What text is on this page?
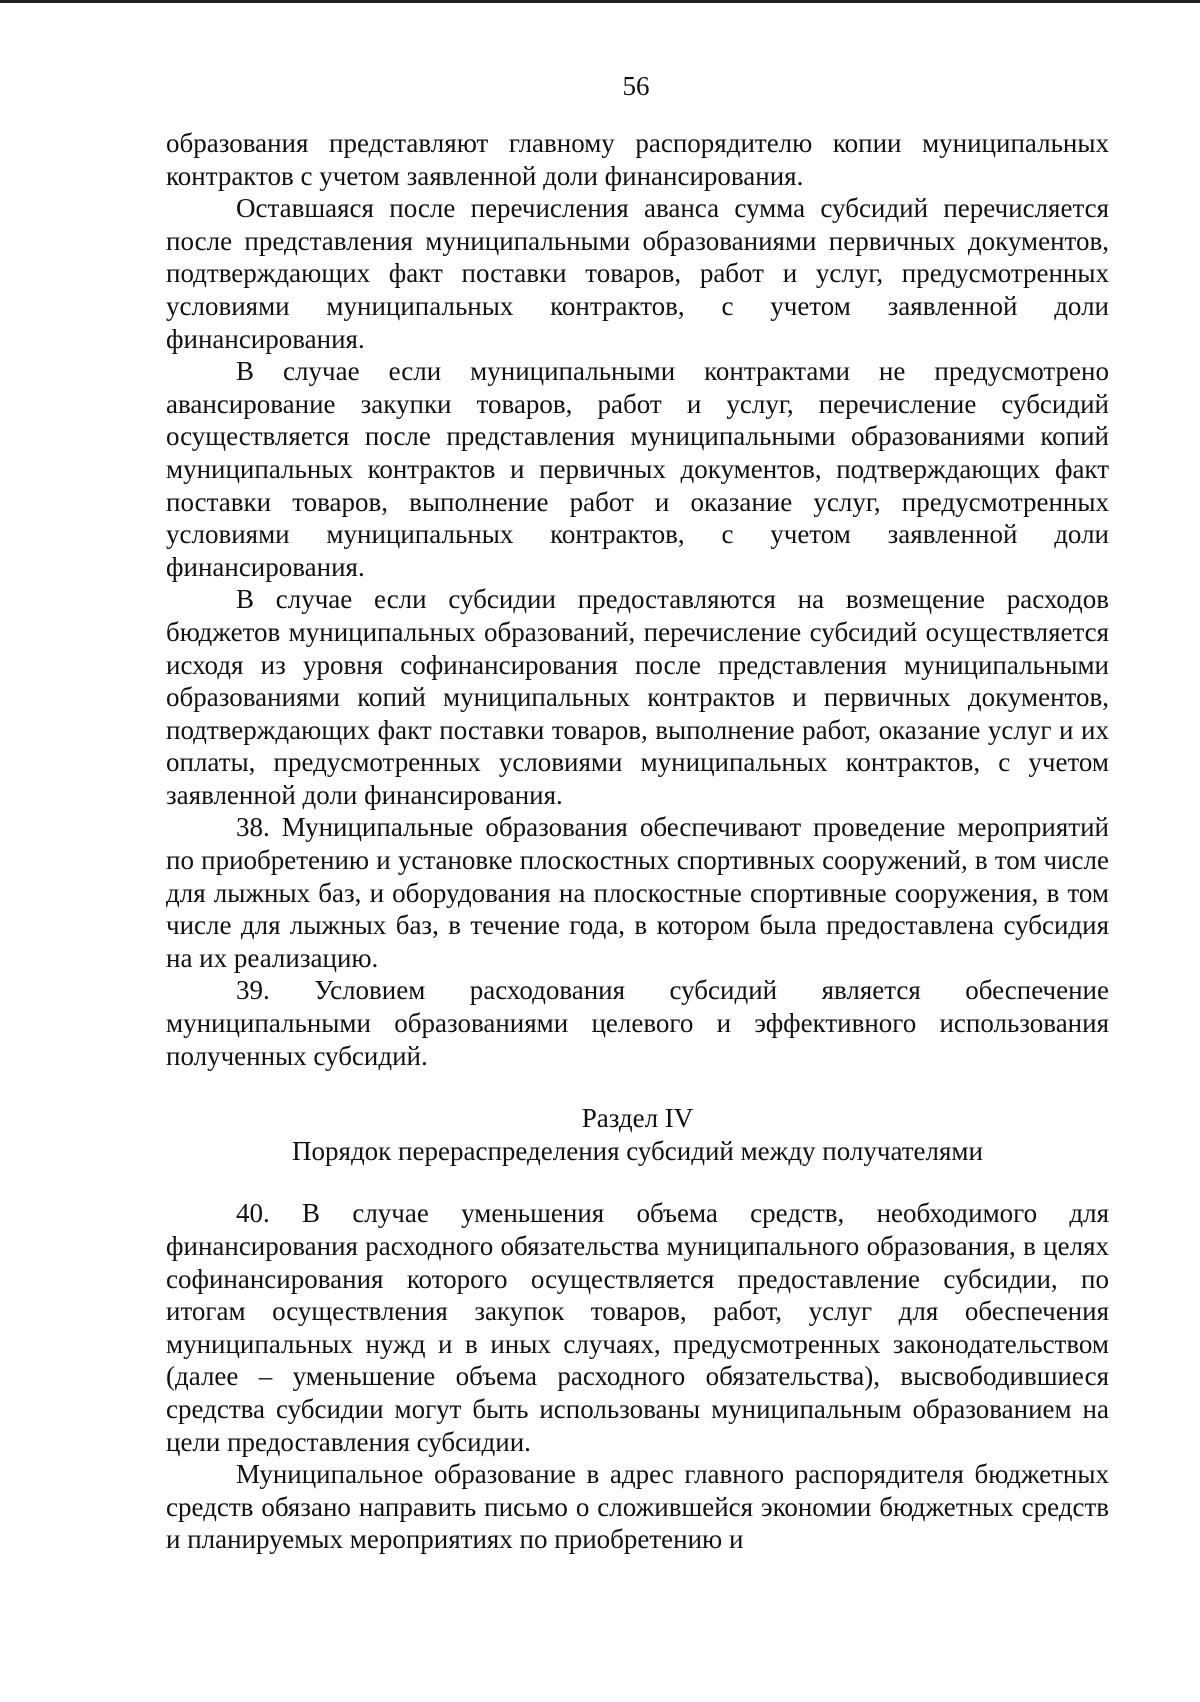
56

образования представляют главному распорядителю копии муниципальных контрактов с учетом заявленной доли финансирования.

Оставшаяся после перечисления аванса сумма субсидий перечисляется после представления муниципальными образованиями первичных документов, подтверждающих факт поставки товаров, работ и услуг, предусмотренных условиями муниципальных контрактов, с учетом заявленной доли финансирования.

В случае если муниципальными контрактами не предусмотрено авансирование закупки товаров, работ и услуг, перечисление субсидий осуществляется после представления муниципальными образованиями копий муниципальных контрактов и первичных документов, подтверждающих факт поставки товаров, выполнение работ и оказание услуг, предусмотренных условиями муниципальных контрактов, с учетом заявленной доли финансирования.

В случае если субсидии предоставляются на возмещение расходов бюджетов муниципальных образований, перечисление субсидий осуществляется исходя из уровня софинансирования после представления муниципальными образованиями копий муниципальных контрактов и первичных документов, подтверждающих факт поставки товаров, выполнение работ, оказание услуг и их оплаты, предусмотренных условиями муниципальных контрактов, с учетом заявленной доли финансирования.

38. Муниципальные образования обеспечивают проведение мероприятий по приобретению и установке плоскостных спортивных сооружений, в том числе для лыжных баз, и оборудования на плоскостные спортивные сооружения, в том числе для лыжных баз, в течение года, в котором была предоставлена субсидия на их реализацию.

39. Условием расходования субсидий является обеспечение муниципальными образованиями целевого и эффективного использования полученных субсидий.

Раздел IV

Порядок перераспределения субсидий между получателями

40. В случае уменьшения объема средств, необходимого для финансирования расходного обязательства муниципального образования, в целях софинансирования которого осуществляется предоставление субсидии, по итогам осуществления закупок товаров, работ, услуг для обеспечения муниципальных нужд и в иных случаях, предусмотренных законодательством (далее – уменьшение объема расходного обязательства), высвободившиеся средства субсидии могут быть использованы муниципальным образованием на цели предоставления субсидии.

Муниципальное образование в адрес главного распорядителя бюджетных средств обязано направить письмо о сложившейся экономии бюджетных средств и планируемых мероприятиях по приобретению и
